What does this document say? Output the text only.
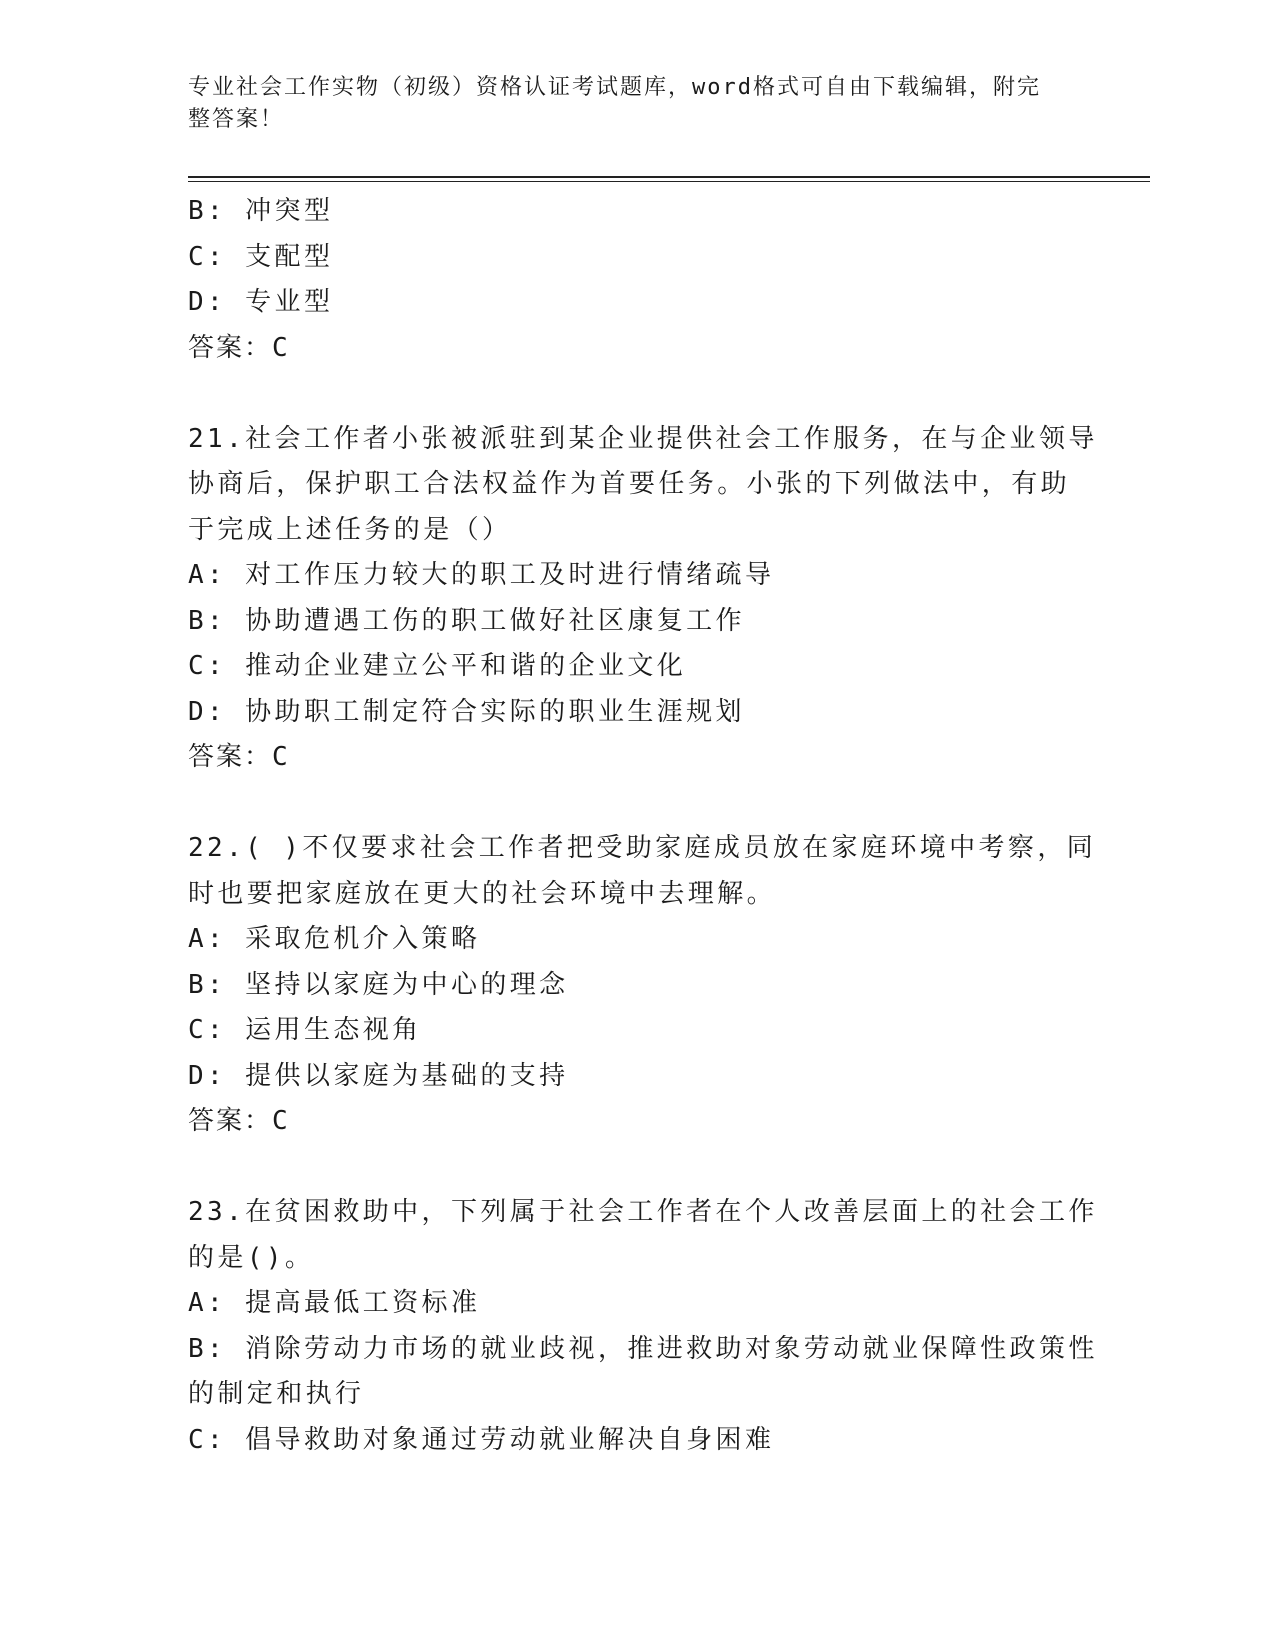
专业社会工作实物（初级）资格认证考试题库，word格式可自由下载编辑，附完
整答案！
B: 冲突型
C: 支配型
D: 专业型
答案：C
21.社会工作者小张被派驻到某企业提供社会工作服务，在与企业领导
协商后，保护职工合法权益作为首要任务。小张的下列做法中，有助
于完成上述任务的是（）
A: 对工作压力较大的职工及时进行情绪疏导
B: 协助遭遇工伤的职工做好社区康复工作
C: 推动企业建立公平和谐的企业文化
D: 协助职工制定符合实际的职业生涯规划
答案：C
22.( )不仅要求社会工作者把受助家庭成员放在家庭环境中考察，同
时也要把家庭放在更大的社会环境中去理解。
A: 采取危机介入策略
B: 坚持以家庭为中心的理念
C: 运用生态视角
D: 提供以家庭为基础的支持
答案：C
23.在贫困救助中，下列属于社会工作者在个人改善层面上的社会工作
的是()。
A: 提高最低工资标准
B: 消除劳动力市场的就业歧视，推进救助对象劳动就业保障性政策性
的制定和执行
C: 倡导救助对象通过劳动就业解决自身困难
